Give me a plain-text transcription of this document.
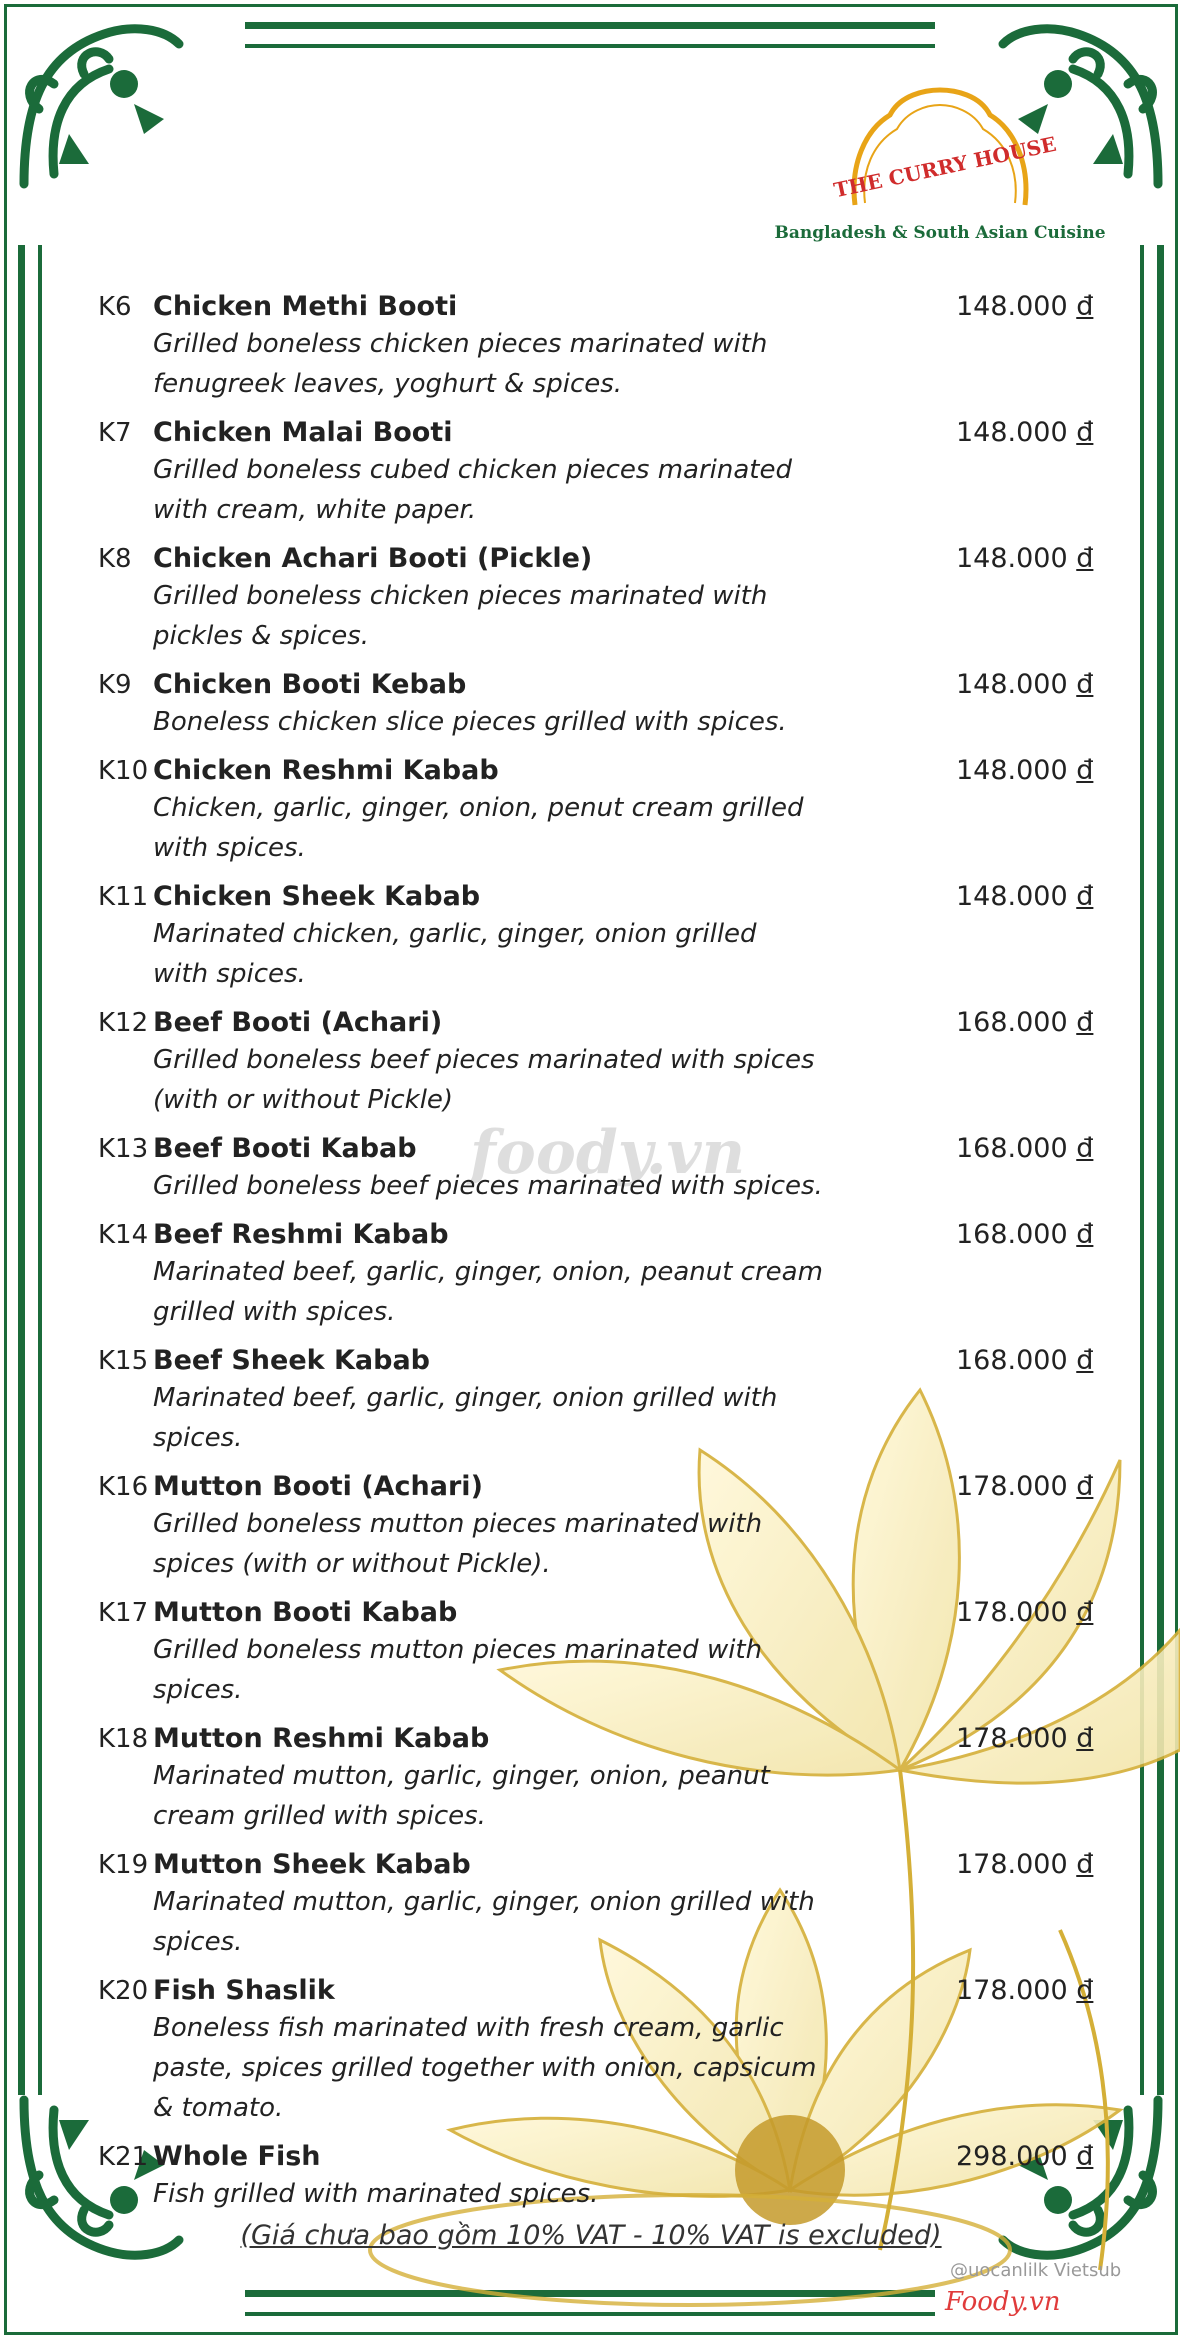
foody.vn
THE CURRY HOUSE
Bangladesh & South Asian Cuisine
K6 Chicken Methi Booti
Grilled boneless chicken pieces marinated with
fenugreek leaves, yoghurt & spices.
148.000 đ
K7 Chicken Malai Booti
Grilled boneless cubed chicken pieces marinated
with cream, white paper.
148.000 đ
K8 Chicken Achari Booti (Pickle)
Grilled boneless chicken pieces marinated with
pickles & spices.
148.000 đ
K9 Chicken Booti Kebab
Boneless chicken slice pieces grilled with spices.
148.000 đ
K10 Chicken Reshmi Kabab
Chicken, garlic, ginger, onion, penut cream grilled
with spices.
148.000 đ
K11 Chicken Sheek Kabab
Marinated chicken, garlic, ginger, onion grilled
with spices.
148.000 đ
K12 Beef Booti (Achari)
Grilled boneless beef pieces marinated with spices
(with or without Pickle)
168.000 đ
K13 Beef Booti Kabab
Grilled boneless beef pieces marinated with spices.
168.000 đ
K14 Beef Reshmi Kabab
Marinated beef, garlic, ginger, onion, peanut cream
grilled with spices.
168.000 đ
K15 Beef Sheek Kabab
Marinated beef, garlic, ginger, onion grilled with
spices.
168.000 đ
K16 Mutton Booti (Achari)
Grilled boneless mutton pieces marinated with
spices (with or without Pickle).
178.000 đ
K17 Mutton Booti Kabab
Grilled boneless mutton pieces marinated with
spices.
178.000 đ
K18 Mutton Reshmi Kabab
Marinated mutton, garlic, ginger, onion, peanut
cream grilled with spices.
178.000 đ
K19 Mutton Sheek Kabab
Marinated mutton, garlic, ginger, onion grilled with
spices.
178.000 đ
K20 Fish Shaslik
Boneless fish marinated with fresh cream, garlic
paste, spices grilled together with onion, capsicum
& tomato.
178.000 đ
K21 Whole Fish
Fish grilled with marinated spices.
298.000 đ
(Giá chưa bao gồm 10% VAT - 10% VAT is excluded)
@uocanlilk Vietsub
Foody.vn
